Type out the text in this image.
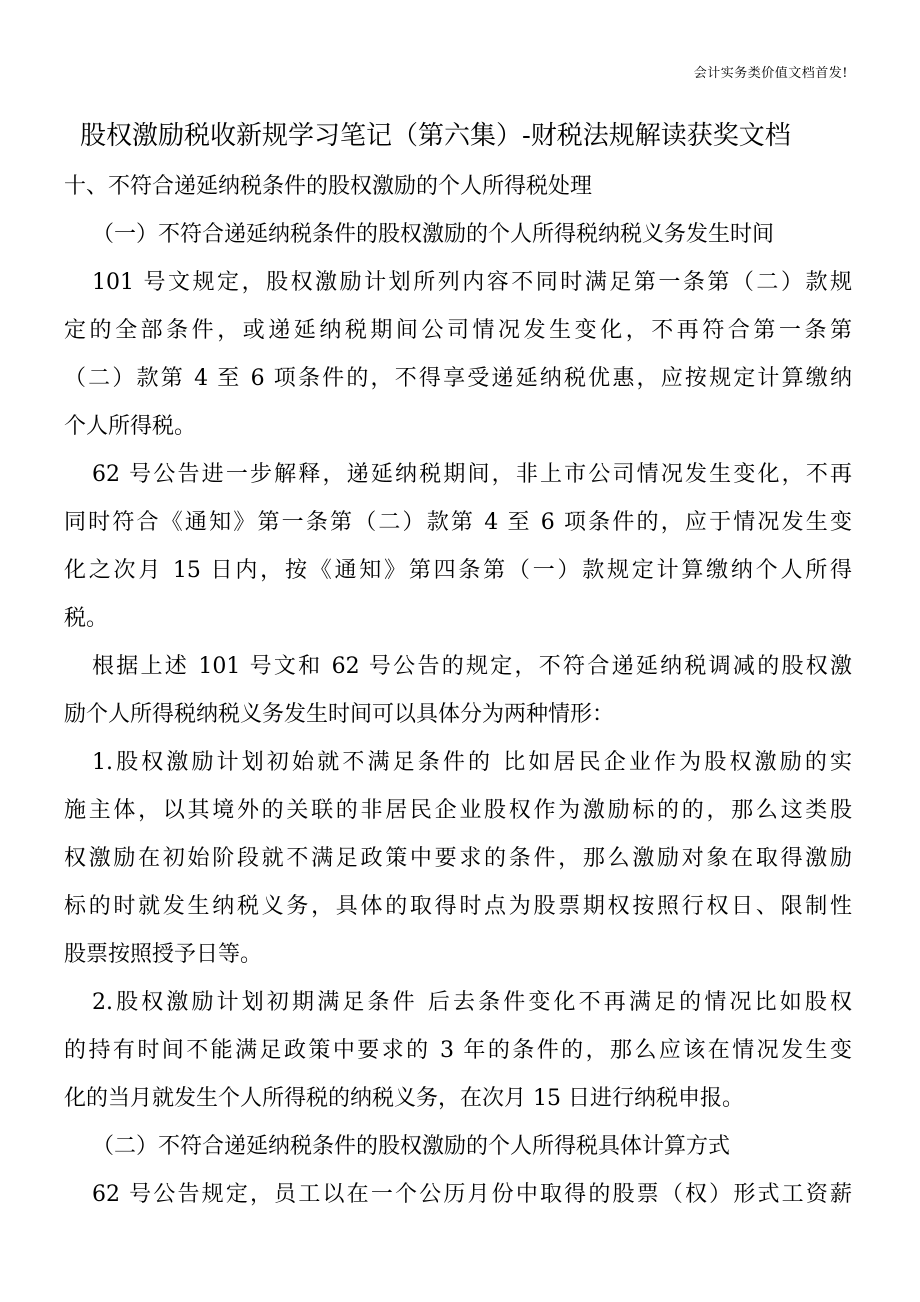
会计实务类价值文档首发!
股权激励税收新规学习笔记（第六集）-财税法规解读获奖文档
十、不符合递延纳税条件的股权激励的个人所得税处理
（一）不符合递延纳税条件的股权激励的个人所得税纳税义务发生时间
101 号文规定，股权激励计划所列内容不同时满足第一条第（二）款规
定的全部条件，或递延纳税期间公司情况发生变化，不再符合第一条第
（二）款第 4 至 6 项条件的，不得享受递延纳税优惠，应按规定计算缴纳
个人所得税。
62 号公告进一步解释，递延纳税期间，非上市公司情况发生变化，不再
同时符合《通知》第一条第（二）款第 4 至 6 项条件的，应于情况发生变
化之次月 15 日内，按《通知》第四条第（一）款规定计算缴纳个人所得
税。
根据上述 101 号文和 62 号公告的规定，不符合递延纳税调减的股权激
励个人所得税纳税义务发生时间可以具体分为两种情形：
1.股权激励计划初始就不满足条件的 比如居民企业作为股权激励的实
施主体，以其境外的关联的非居民企业股权作为激励标的的，那么这类股
权激励在初始阶段就不满足政策中要求的条件，那么激励对象在取得激励
标的时就发生纳税义务，具体的取得时点为股票期权按照行权日、限制性
股票按照授予日等。
2.股权激励计划初期满足条件 后去条件变化不再满足的情况比如股权
的持有时间不能满足政策中要求的 3 年的条件的，那么应该在情况发生变
化的当月就发生个人所得税的纳税义务，在次月 15 日进行纳税申报。
（二）不符合递延纳税条件的股权激励的个人所得税具体计算方式
62 号公告规定，员工以在一个公历月份中取得的股票（权）形式工资薪
